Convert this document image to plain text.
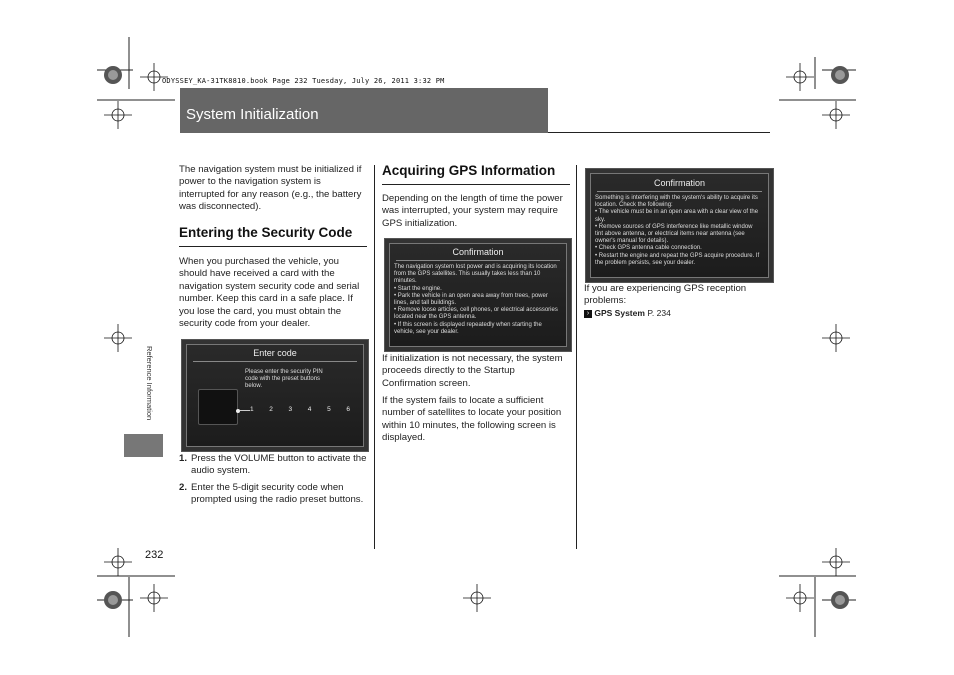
ODYSSEY_KA-31TK8810.book Page 232 Tuesday, July 26, 2011 3:32 PM
System Initialization
Reference Information
232
The navigation system must be initialized if power to the navigation system is interrupted for any reason (e.g., the battery was disconnected).
Entering the Security Code
When you purchased the vehicle, you should have received a card with the navigation system security code and serial number. Keep this card in a safe place. If you lose the card, you must obtain the security code from your dealer.
Enter code
Please enter the security PIN code with the preset buttons below.
1 2 3 4 5 6
1. Press the VOLUME button to activate the audio system.
2. Enter the 5-digit security code when prompted using the radio preset buttons.
Acquiring GPS Information
Depending on the length of time the power was interrupted, your system may require GPS initialization.
Confirmation
The navigation system lost power and is acquiring its location from the GPS satellites. This usually takes less than 10 minutes.
• Start the engine.
• Park the vehicle in an open area away from trees, power lines, and tall buildings.
• Remove loose articles, cell phones, or electrical accessories located near the GPS antenna.
• If this screen is displayed repeatedly when starting the vehicle, see your dealer.
If initialization is not necessary, the system proceeds directly to the Startup Confirmation screen.
If the system fails to locate a sufficient number of satellites to locate your position within 10 minutes, the following screen is displayed.
Confirmation
Something is interfering with the system's ability to acquire its location. Check the following:
• The vehicle must be in an open area with a clear view of the sky.
• Remove sources of GPS interference like metallic window tint above antenna, or electrical items near antenna (see owner's manual for details).
• Check GPS antenna cable connection.
• Restart the engine and repeat the GPS acquire procedure. If the problem persists, see your dealer.
If you are experiencing GPS reception problems:
› GPS System P. 234
